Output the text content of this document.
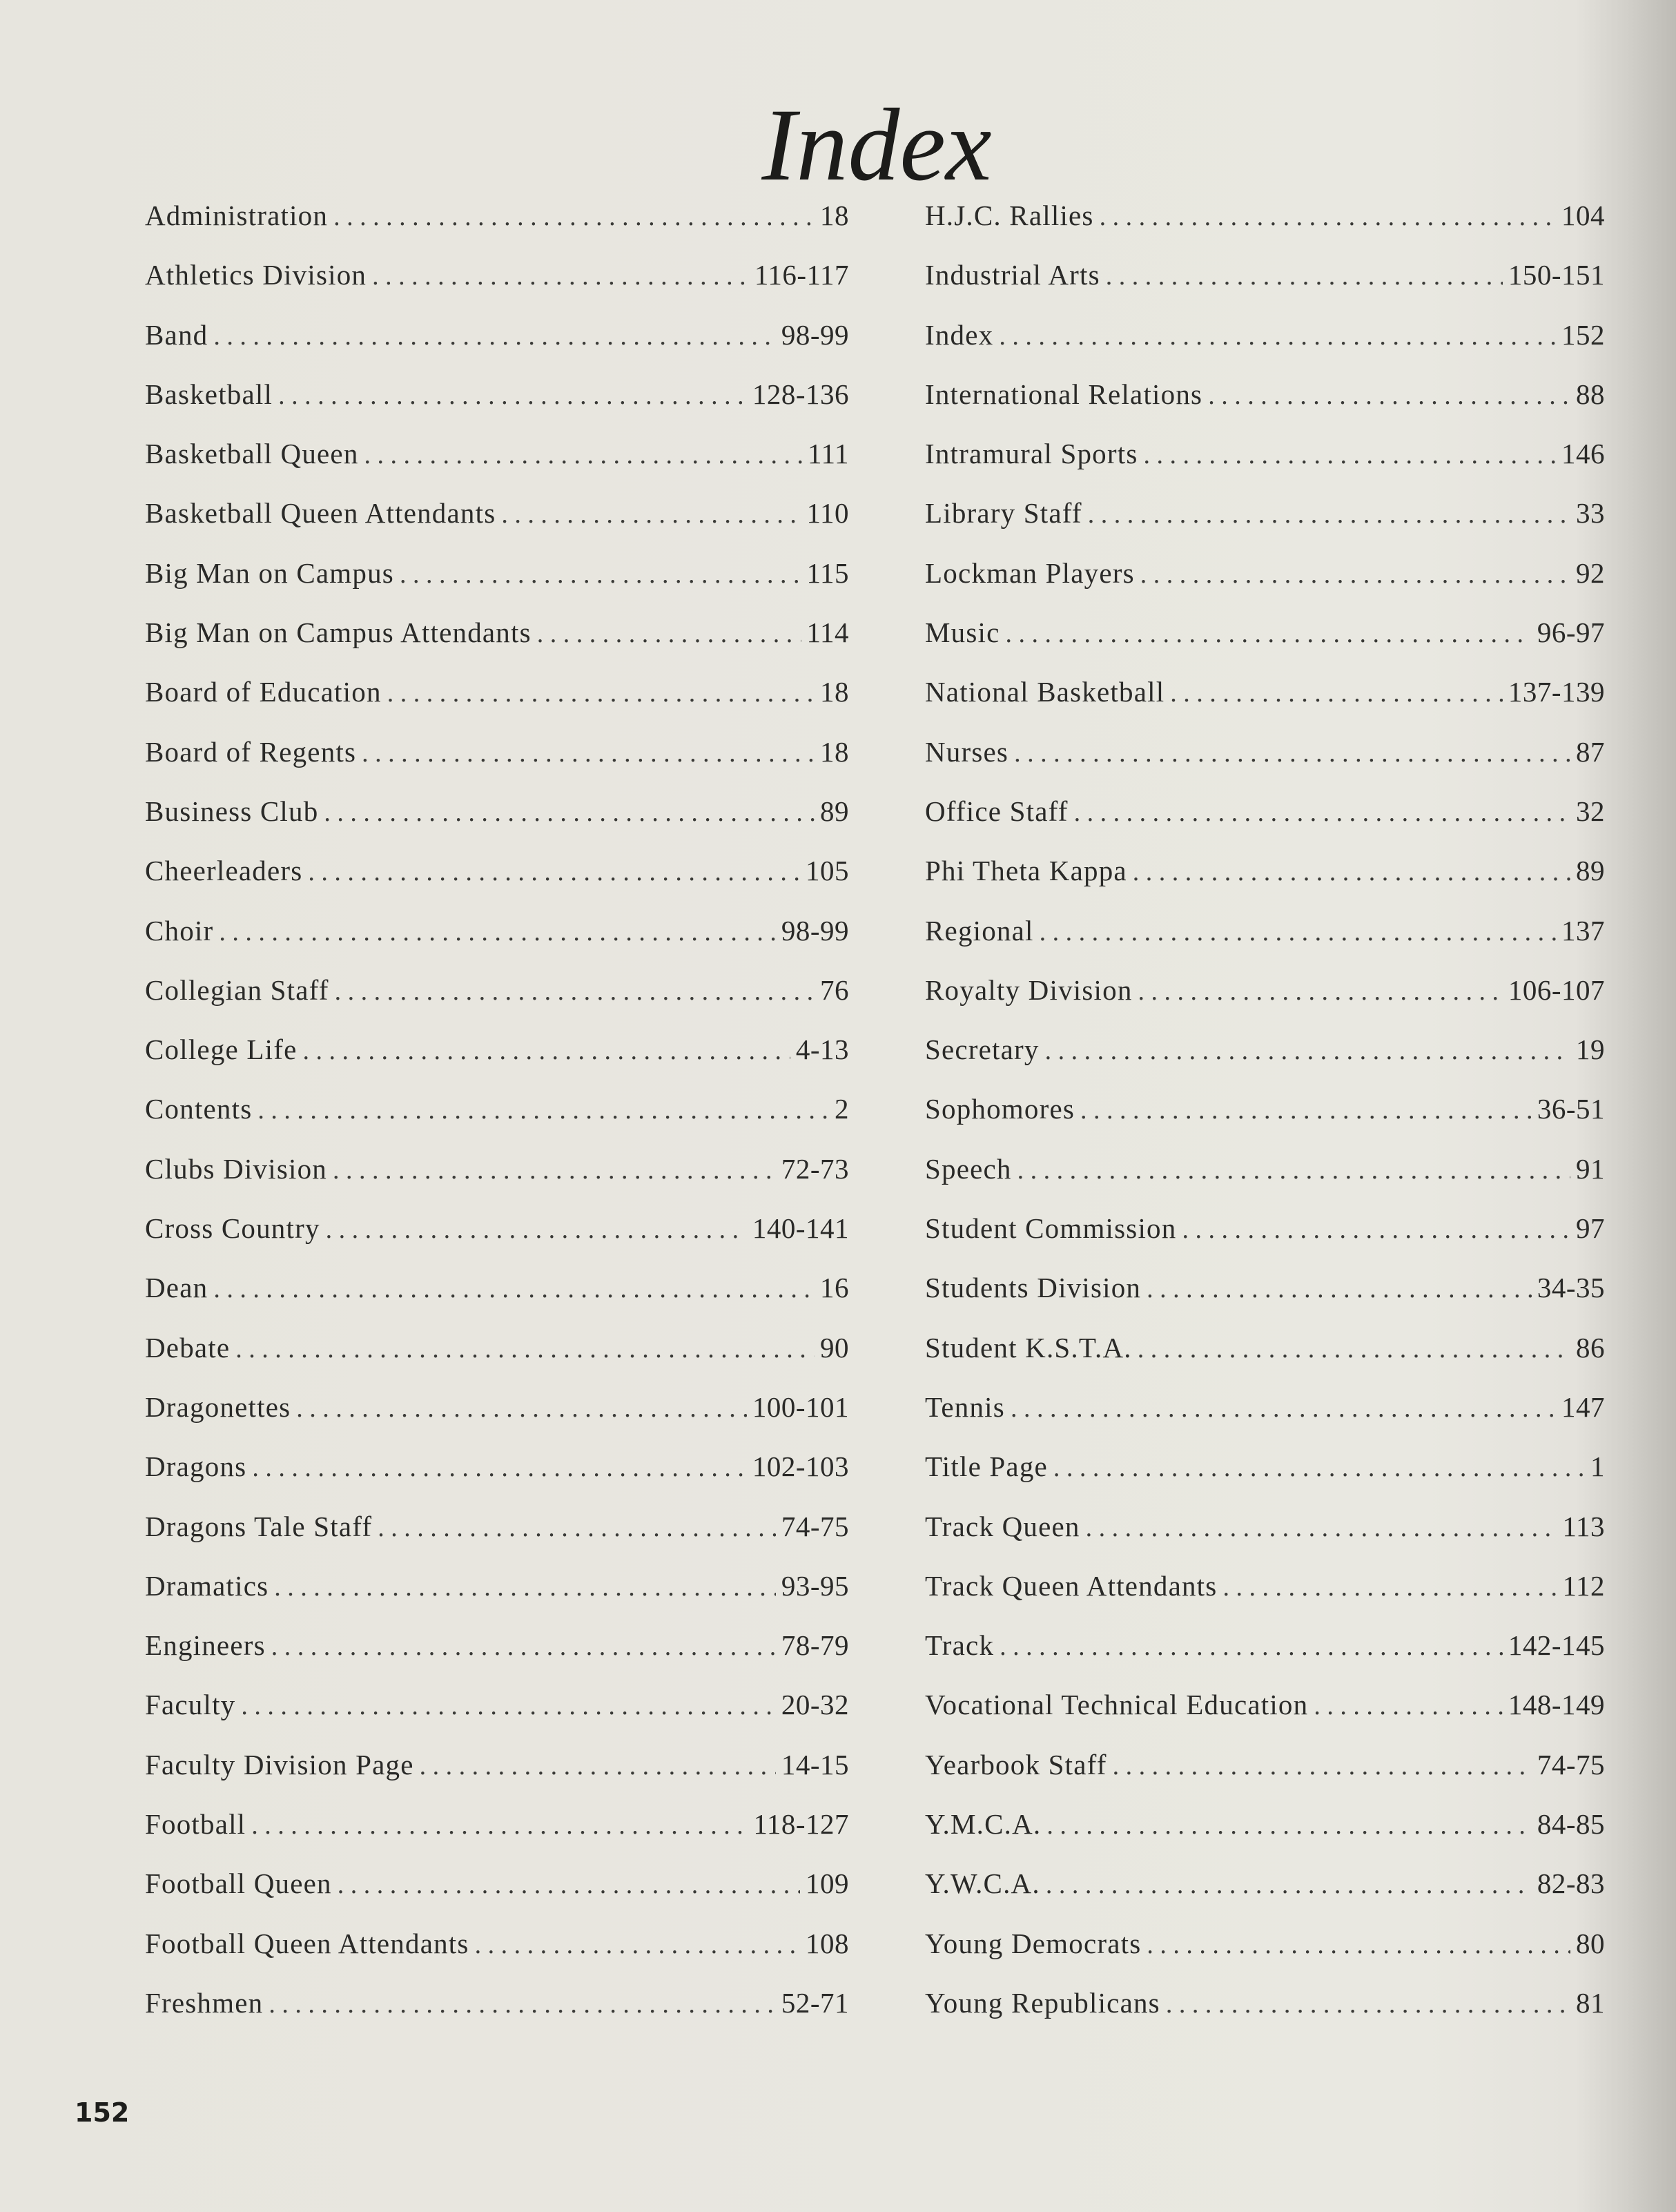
Index
Administration . . .	18
Athletics Division . . .	116-117
Band . . .	98-99
Basketball . . .	128-136
Basketball Queen . . .	111
Basketball Queen Attendants . . .	110
Big Man on Campus . . .	115
Big Man on Campus Attendants . . .	114
Board of Education . . .	18
Board of Regents . . .	18
Business Club . . .	89
Cheerleaders . . .	105
Choir . . .	98-99
Collegian Staff . . .	76
College Life . . .	4-13
Contents . . .	2
Clubs Division . . .	72-73
Cross Country . . .	140-141
Dean . . .	16
Debate . . .	90
Dragonettes . . .	100-101
Dragons . . .	102-103
Dragons Tale Staff . . .	74-75
Dramatics . . .	93-95
Engineers . . .	78-79
Faculty . . .	20-32
Faculty Division Page . . .	14-15
Football . . .	118-127
Football Queen . . .	109
Football Queen Attendants . . .	108
Freshmen . . .	52-71
H.J.C. Rallies . . .	104
Industrial Arts . . .	150-151
Index . . .	152
International Relations . . .	88
Intramural Sports . . .	146
Library Staff . . .	33
Lockman Players . . .	92
Music . . .	96-97
National Basketball . . .	137-139
Nurses . . .	87
Office Staff . . .	32
Phi Theta Kappa . . .	89
Regional . . .	137
Royalty Division . . .	106-107
Secretary . . .	19
Sophomores . . .	36-51
Speech . . .	91
Student Commission . . .	97
Students Division . . .	34-35
Student K.S.T.A. . . .	86
Tennis . . .	147
Title Page . . .	1
Track Queen . . .	113
Track Queen Attendants . . .	112
Track . . .	142-145
Vocational Technical Education . . .	148-149
Yearbook Staff . . .	74-75
Y.M.C.A. . . .	84-85
Y.W.C.A. . . .	82-83
Young Democrats . . .	80
Young Republicans . . .	81
152
